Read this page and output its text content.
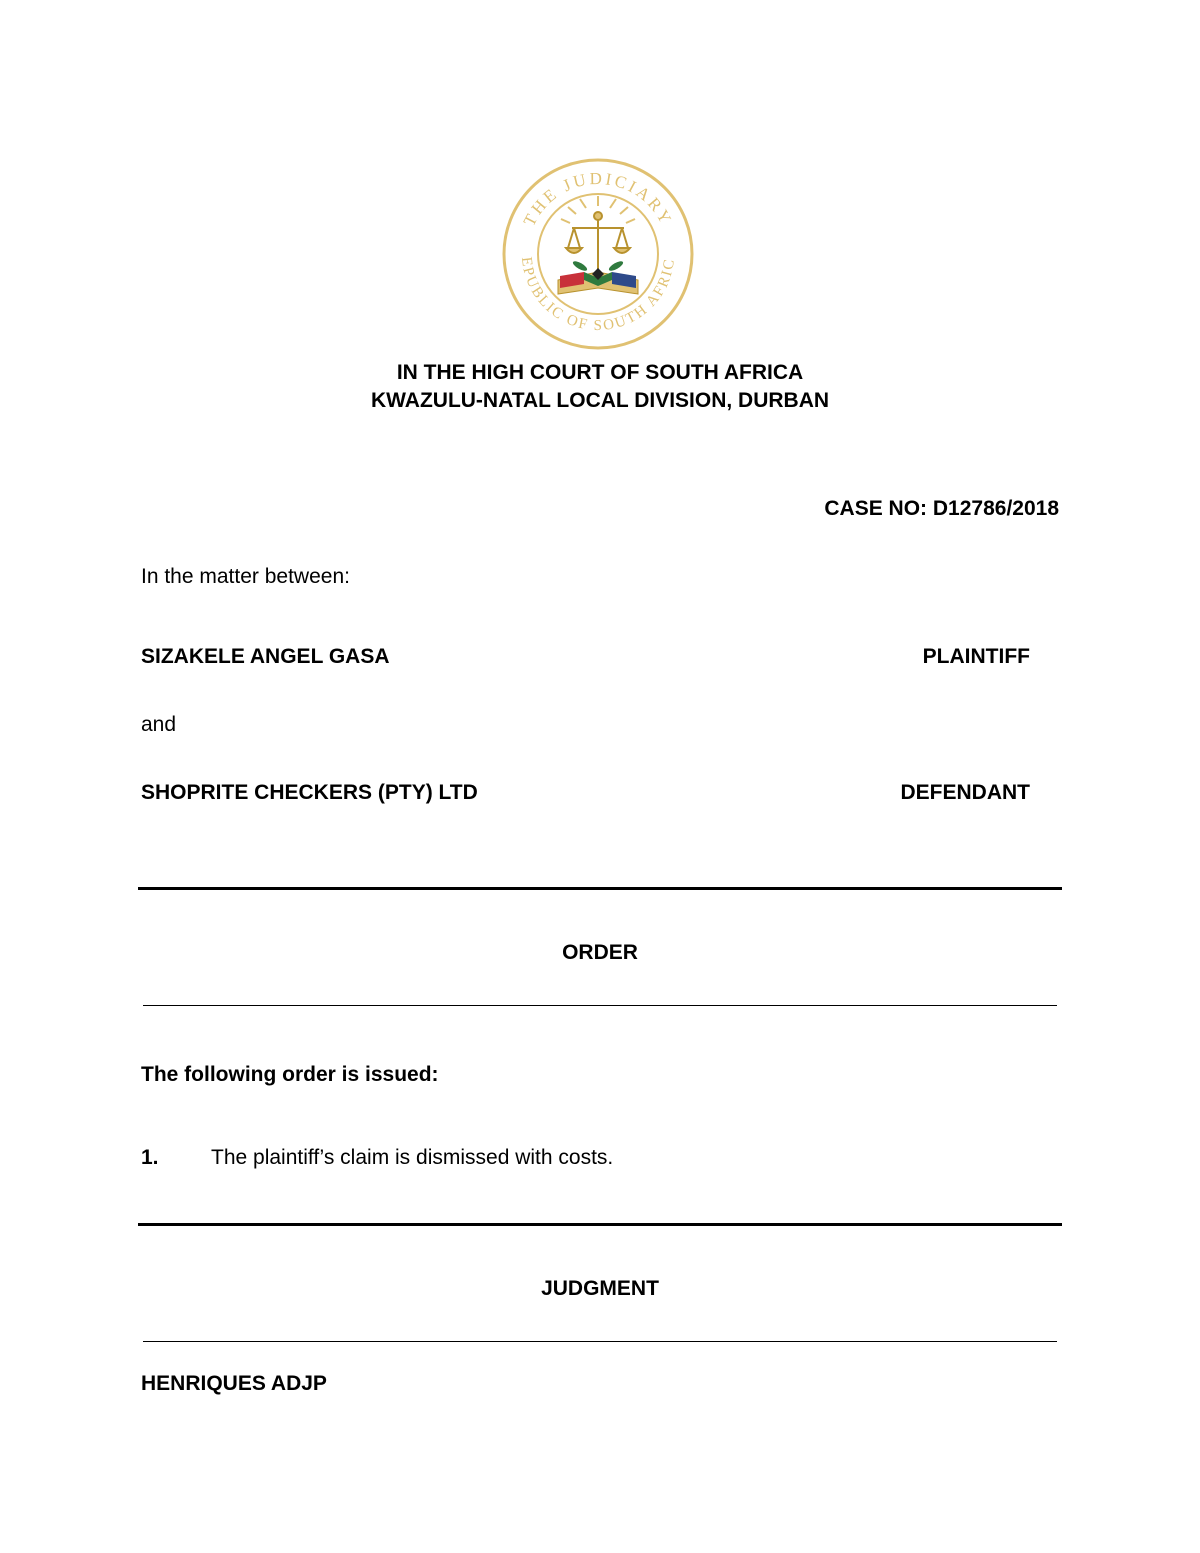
THE JUDICIARY
EPUBLIC OF SOUTH AFRIC
IN THE HIGH COURT OF SOUTH AFRICA
KWAZULU-NATAL LOCAL DIVISION, DURBAN
CASE NO: D12786/2018
In the matter between:
SIZAKELE ANGEL GASA	PLAINTIFF
and
SHOPRITE CHECKERS (PTY) LTD	DEFENDANT
ORDER
The following order is issued:
1. The plaintiff’s claim is dismissed with costs.
JUDGMENT
HENRIQUES ADJP
